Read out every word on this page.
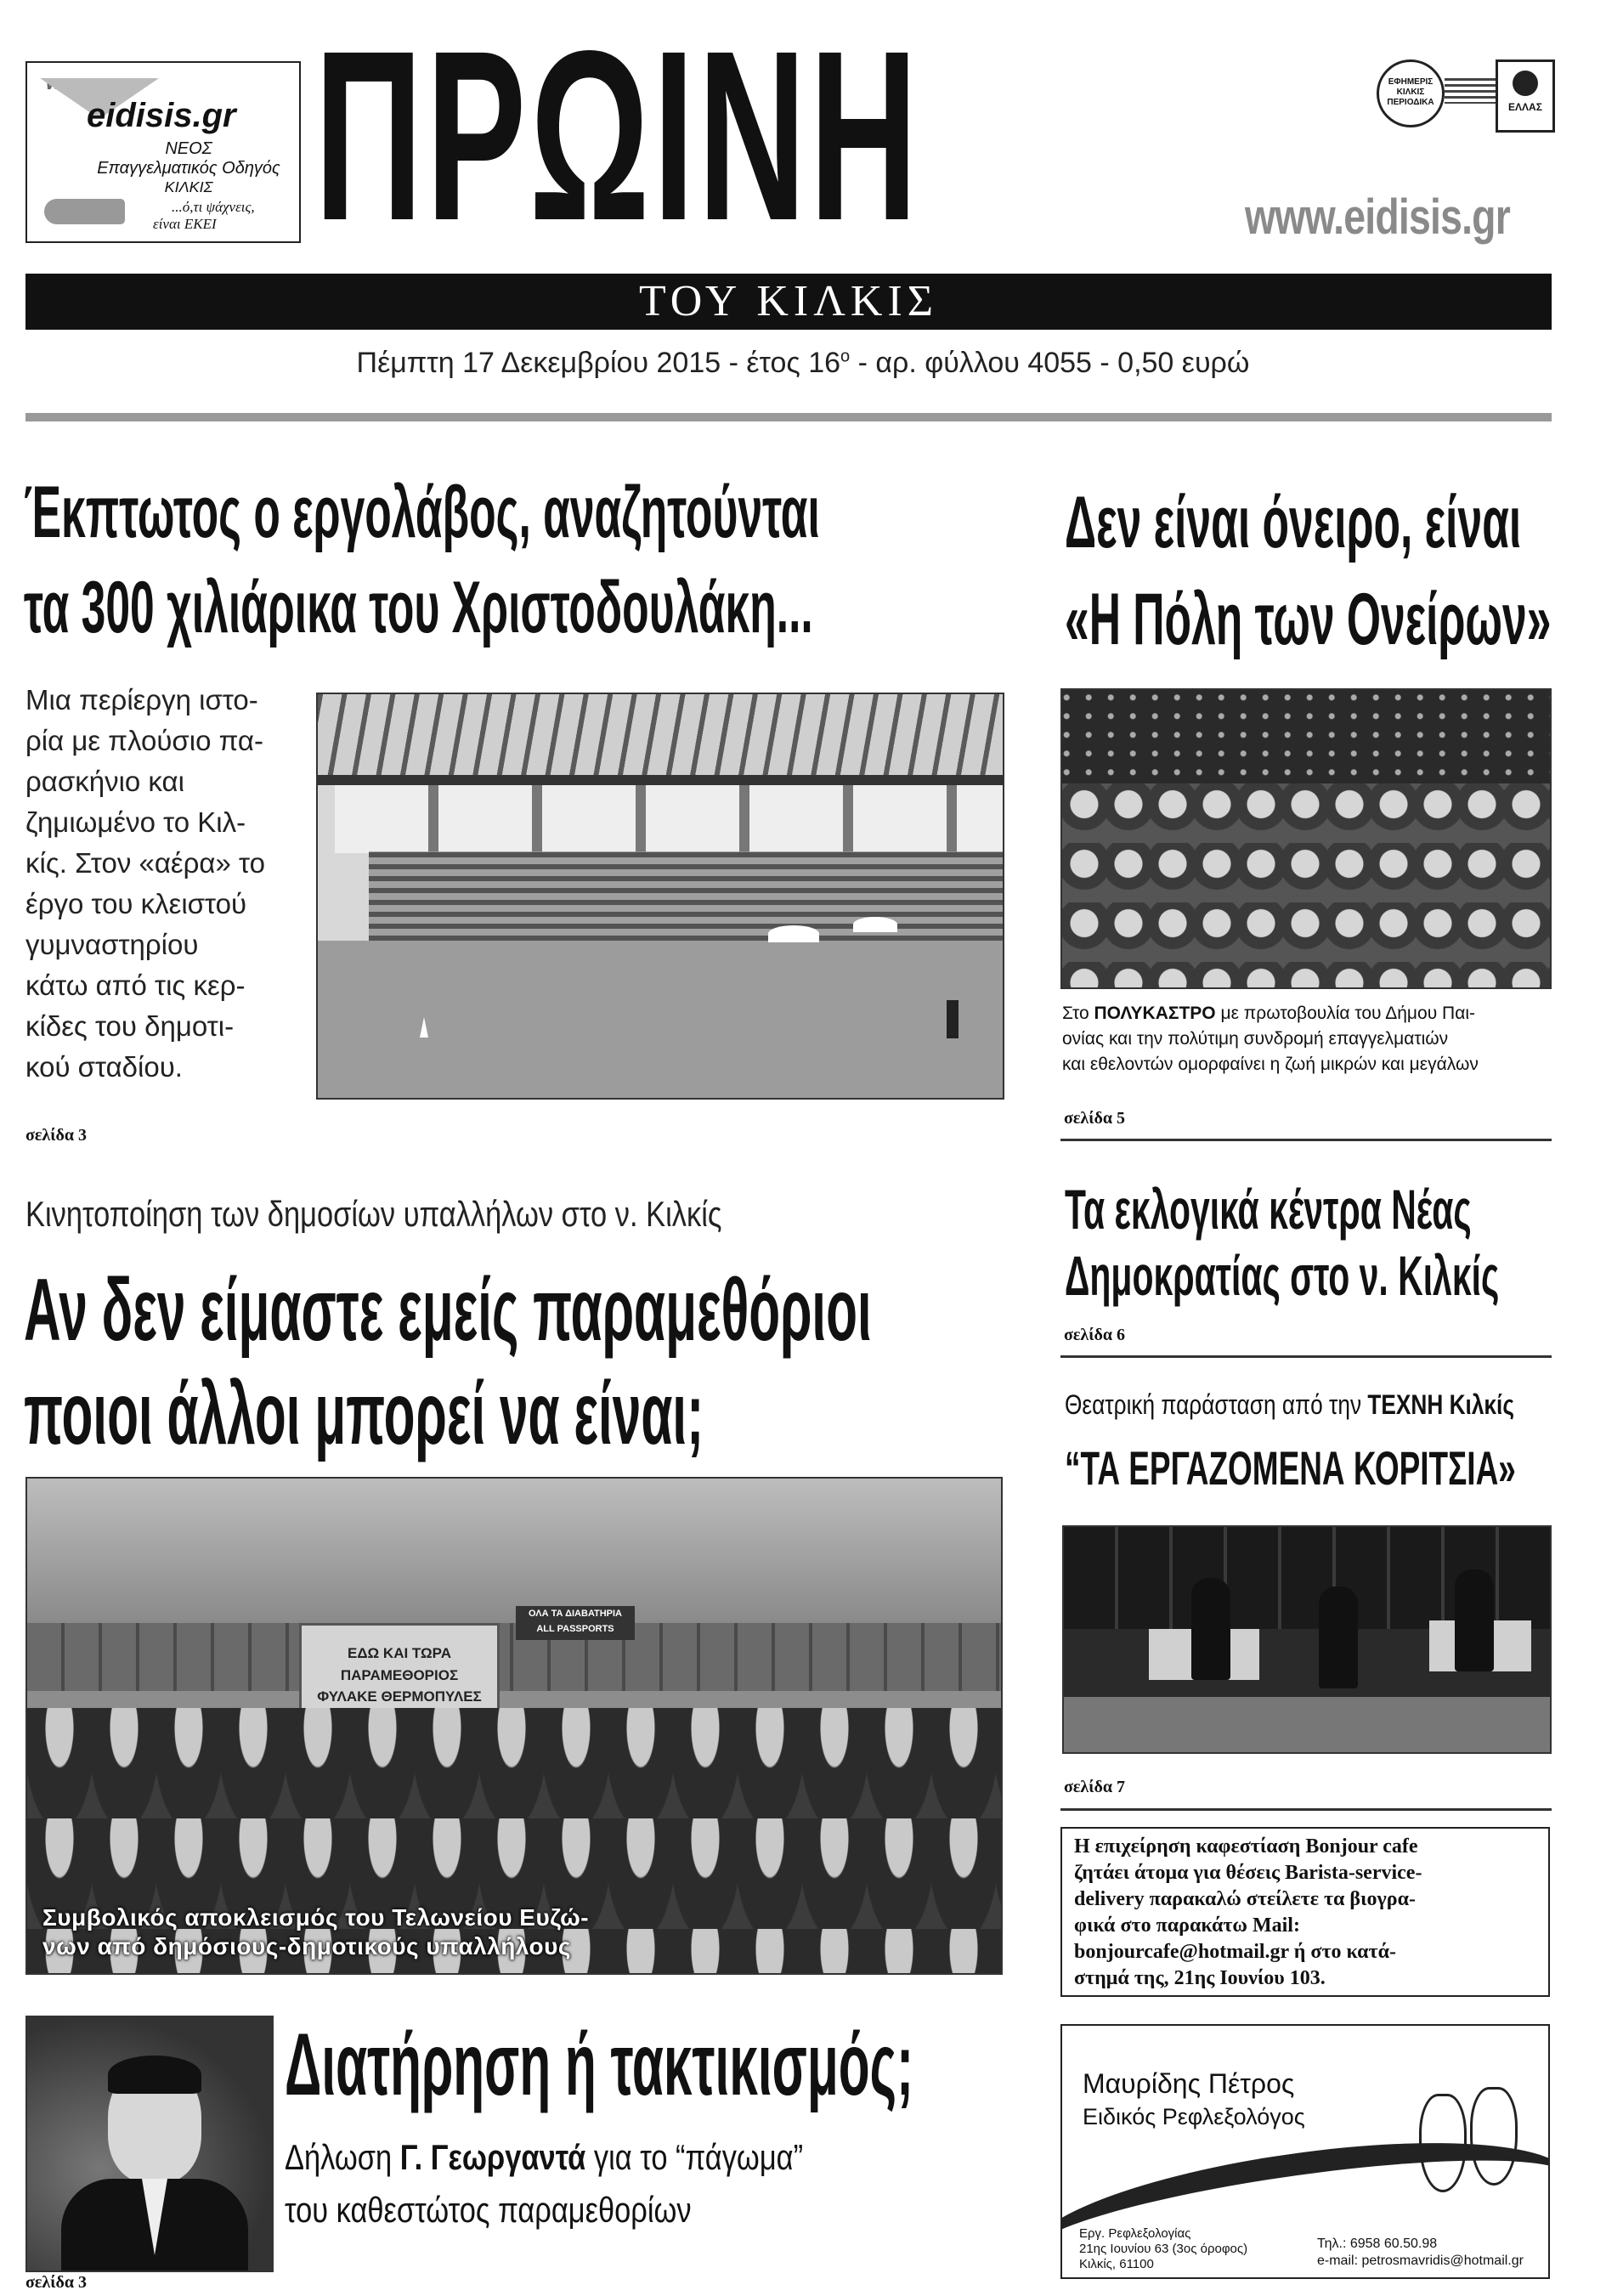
www
eidisis.gr
ΝΕΟΣ
Επαγγελματικός Οδηγός
ΚΙΛΚΙΣ
...ό,τι ψάχνεις,
είναι ΕΚΕΙ ΠΡΩΙΝΗ	ΕΦΗΜΕΡΙΣ ΚΙΛΚΙΣ ΠΕΡΙΟΔΙΚΑ	ΕΛΛΑΣ
www.eidisis.gr
ΤΟΥ ΚΙΛΚΙΣ
Πέμπτη 17 Δεκεμβρίου 2015 - έτος $16^o$ - αρ. φύλλου 4055 - 0,50 ευρώ
Έκπτωτος ο εργολάβος, αναζητούνται
τα 300 χιλιάρικα του Χριστοδουλάκη...
Μια περίεργη ιστο-
ρία με πλούσιο πα-
ρασκήνιο και
ζημιωμένο το Κιλ-
κίς. Στον «αέρα» το
έργο του κλειστού
γυμναστηρίου
κάτω από τις κερ-
κίδες του δημοτι-
κού σταδίου.
σελίδα 3
Δεν είναι όνειρο, είναι
«Η Πόλη των Ονείρων»
Στο ΠΟΛΥΚΑΣΤΡΟ με πρωτοβουλία του Δήμου Παι-
ονίας και την πολύτιμη συνδρομή επαγγελματιών
και εθελοντών ομορφαίνει η ζωή μικρών και μεγάλων
σελίδα 5
Κινητοποίηση των δημοσίων υπαλλήλων στο ν. Κιλκίς
Αν δεν είμαστε εμείς παραμεθόριοι
ποιοι άλλοι μπορεί να είναι;
ΕΔΩ ΚΑΙ ΤΩΡΑ ΠΑΡΑΜΕΘΟΡΙΟΣ ΦΥΛΑΚΕ ΘΕΡΜΟΠΥΛΕΣ
ΟΛΑ ΤΑ ΔΙΑΒΑΤΗΡΙΑ
ALL PASSPORTS
Συμβολικός αποκλεισμός του Τελωνείου Ευζώ-
νων από δημόσιους-δημοτικούς υπαλλήλους
Τα εκλογικά κέντρα Νέας
Δημοκρατίας στο ν. Κιλκίς
σελίδα 6
Θεατρική παράσταση από την ΤΕΧΝΗ Κιλκίς
“ΤΑ ΕΡΓΑΖΟΜΕΝΑ ΚΟΡΙΤΣΙΑ»
σελίδα 7
Η επιχείρηση καφεστίαση Bonjour cafe
ζητάει άτομα για θέσεις Barista-service-
delivery παρακαλώ στείλετε τα βιογρα-
φικά στο παρακάτω Mail:
bonjourcafe@hotmail.gr ή στο κατά-
στημά της, 21ης Ιουνίου 103.
Μαυρίδης Πέτρος
Ειδικός Ρεφλεξολόγος
Εργ. Ρεφλεξολογίας
21ης Ιουνίου 63 (3ος όροφος)
Κιλκίς, 61100
Τηλ.: 6958 60.50.98
e-mail: petrosmavridis@hotmail.gr
Διατήρηση ή τακτικισμός;
Δήλωση Γ. Γεωργαντά για το “πάγωμα”
του καθεστώτος παραμεθορίων
σελίδα 3
